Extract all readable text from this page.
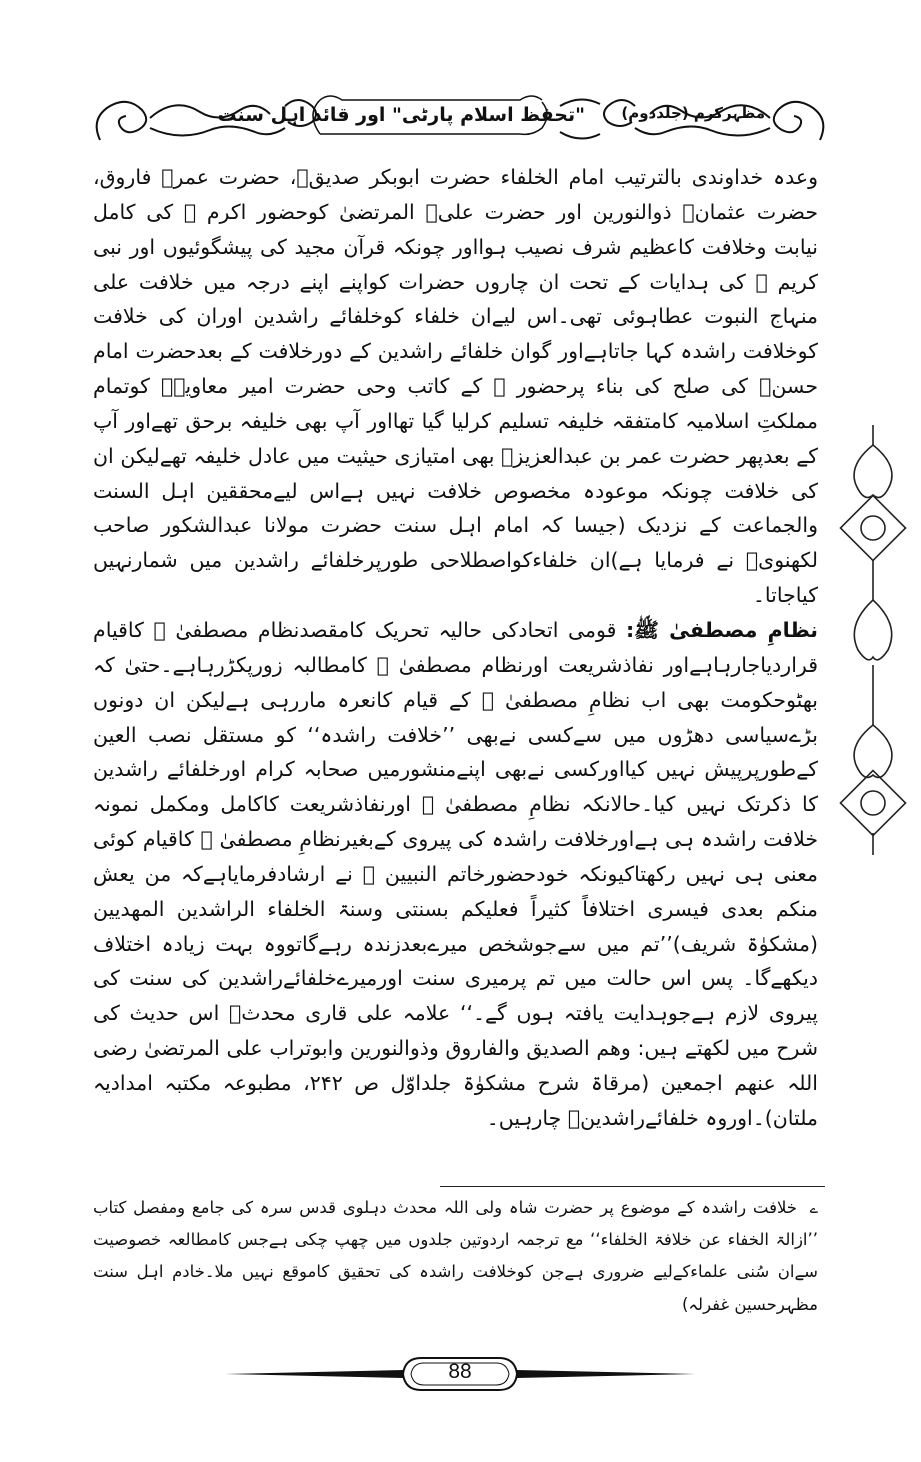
"تحفظ اسلام پارٹی" اور قائد اہل سنت مظہرکرم (جلددوم)

وعدہ خداوندی بالترتیب امام الخلفاء حضرت ابوبکر صدیقؓ، حضرت عمرؓ فاروق، حضرت عثمانؓ ذوالنورین اور حضرت علیؓ المرتضیٰ کوحضور اکرم ﷺ کی کامل نیابت وخلافت کاعظیم شرف نصیب ہوااور چونکہ قرآن مجید کی پیشگوئیوں اور نبی کریم ﷺ کی ہدایات کے تحت ان چاروں حضرات کواپنے اپنے درجہ میں خلافت علی منہاج النبوت عطاہوئی تھی۔اس لیےان خلفاء کوخلفائے راشدین اوران کی خلافت کوخلافت راشدہ کہا جاتاہےاور گوان خلفائے راشدین کے دورخلافت کے بعدحضرت امام حسنؓ کی صلح کی بناء پرحضور ﷺ کے کاتب وحی حضرت امیر معاویہؓ کوتمام مملکتِ اسلامیہ کامتفقہ خلیفہ تسلیم کرلیا گیا تھااور آپ بھی خلیفہ برحق تھےاور آپ کے بعدپھر حضرت عمر بن عبدالعزیزؒ بھی امتیازی حیثیت میں عادل خلیفہ تھےلیکن ان کی خلافت چونکہ موعودہ مخصوص خلافت نہیں ہےاس لیےمحققین اہل السنت والجماعت کے نزدیک (جیسا کہ امام اہل سنت حضرت مولانا عبدالشکور صاحب لکھنویؒ نے فرمایا ہے)ان خلفاءکواصطلاحی طورپرخلفائے راشدین میں شمارنہیں کیاجاتا۔

نظامِ مصطفیٰ ﷺ: قومی اتحادکی حالیہ تحریک کامقصدنظام مصطفیٰ ﷺ کاقیام قراردیاجارہاہےاور نفاذشریعت اورنظام مصطفیٰ ﷺ کامطالبہ زورپکڑرہاہے۔حتیٰ کہ بھٹوحکومت بھی اب نظامِ مصطفیٰ ﷺ کے قیام کانعرہ ماررہی ہےلیکن ان دونوں بڑےسیاسی دھڑوں میں سےکسی نےبھی ’’خلافت راشدہ‘‘ کو مستقل نصب العین کےطورپرپیش نہیں کیااورکسی نےبھی اپنےمنشورمیں صحابہ کرام اورخلفائے راشدین کا ذکرتک نہیں کیا۔حالانکہ نظامِ مصطفیٰ ﷺ اورنفاذشریعت کاکامل ومکمل نمونہ خلافت راشدہ ہی ہےاورخلافت راشدہ کی پیروی کےبغیرنظامِ مصطفیٰ ﷺ کاقیام کوئی معنی ہی نہیں رکھتاکیونکہ خودحضورخاتم النبیین ﷺ نے ارشادفرمایاہےکہ من یعش منکم بعدی فیسری اختلافاً کثیراً فعلیکم بسنتی وسنۃ الخلفاء الراشدین المھدیین (مشکوٰۃ شریف)’’تم میں سےجوشخص میرےبعدزندہ رہےگاتووہ بہت زیادہ اختلاف دیکھےگا۔ پس اس حالت میں تم پرمیری سنت اورمیرےخلفائےراشدین کی سنت کی پیروی لازم ہےجوہدایت یافتہ ہوں گے۔‘‘ علامہ علی قاری محدثؒ اس حدیث کی شرح میں لکھتے ہیں: وھم الصدیق والفاروق وذوالنورین وابوتراب علی المرتضیٰ رضی اللہ عنھم اجمعین (مرقاۃ شرح مشکوٰۃ جلداوّل ص ۲۴۲، مطبوعہ مکتبہ امدادیہ ملتان)۔اوروہ خلفائےراشدینؓ چارہیں۔

ے خلافت راشدہ کے موضوع پر حضرت شاہ ولی اللہ محدث دہلوی قدس سرہ کی جامع ومفصل کتاب ’’ازالۃ الخفاء عن خلافۃ الخلفاء‘‘ مع ترجمہ اردوتین جلدوں میں چھپ چکی ہےجس کامطالعہ خصوصیت سےان سُنی علماءکےلیے ضروری ہےجن کوخلافت راشدہ کی تحقیق کاموقع نہیں ملا۔خادم اہل سنت مظہرحسین غفرلہ)
88
